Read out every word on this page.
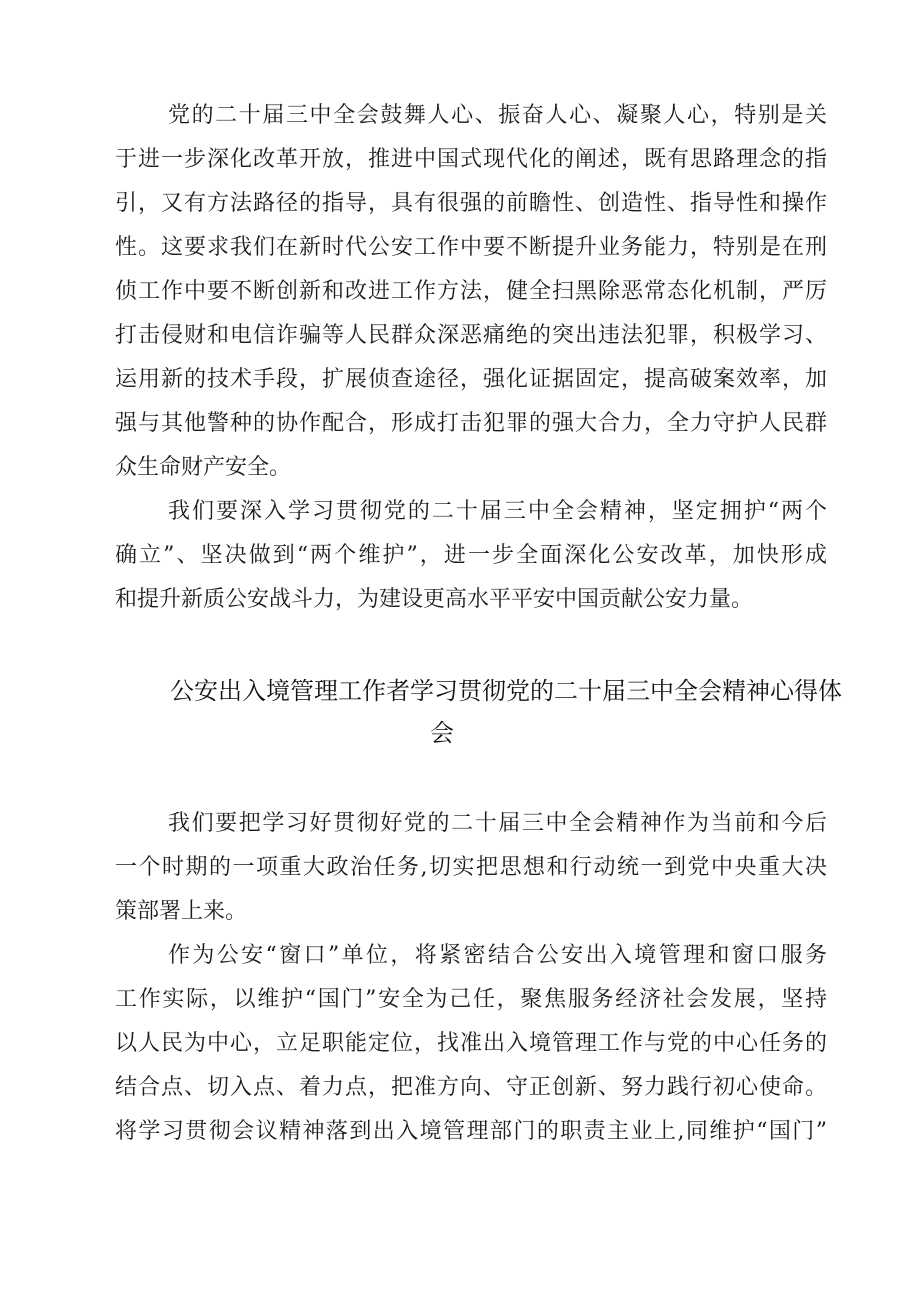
党的二十届三中全会鼓舞人心、振奋人心、凝聚人心，特别是关
于进一步深化改革开放，推进中国式现代化的阐述，既有思路理念的指
引，又有方法路径的指导，具有很强的前瞻性、创造性、指导性和操作
性。这要求我们在新时代公安工作中要不断提升业务能力，特别是在刑
侦工作中要不断创新和改进工作方法，健全扫黑除恶常态化机制，严厉
打击侵财和电信诈骗等人民群众深恶痛绝的突出违法犯罪，积极学习、
运用新的技术手段，扩展侦查途径，强化证据固定，提高破案效率，加
强与其他警种的协作配合，形成打击犯罪的强大合力，全力守护人民群
众生命财产安全。
我们要深入学习贯彻党的二十届三中全会精神，坚定拥护“两个
确立”、坚决做到“两个维护”，进一步全面深化公安改革，加快形成
和提升新质公安战斗力，为建设更高水平平安中国贡献公安力量。
公安出入境管理工作者学习贯彻党的二十届三中全会精神心得体
会
我们要把学习好贯彻好党的二十届三中全会精神作为当前和今后
一个时期的一项重大政治任务,切实把思想和行动统一到党中央重大决
策部署上来。
作为公安“窗口”单位，将紧密结合公安出入境管理和窗口服务
工作实际，以维护“国门”安全为己任，聚焦服务经济社会发展，坚持
以人民为中心，立足职能定位，找准出入境管理工作与党的中心任务的
结合点、切入点、着力点，把准方向、守正创新、努力践行初心使命。
将学习贯彻会议精神落到出入境管理部门的职责主业上,同维护“国门”
